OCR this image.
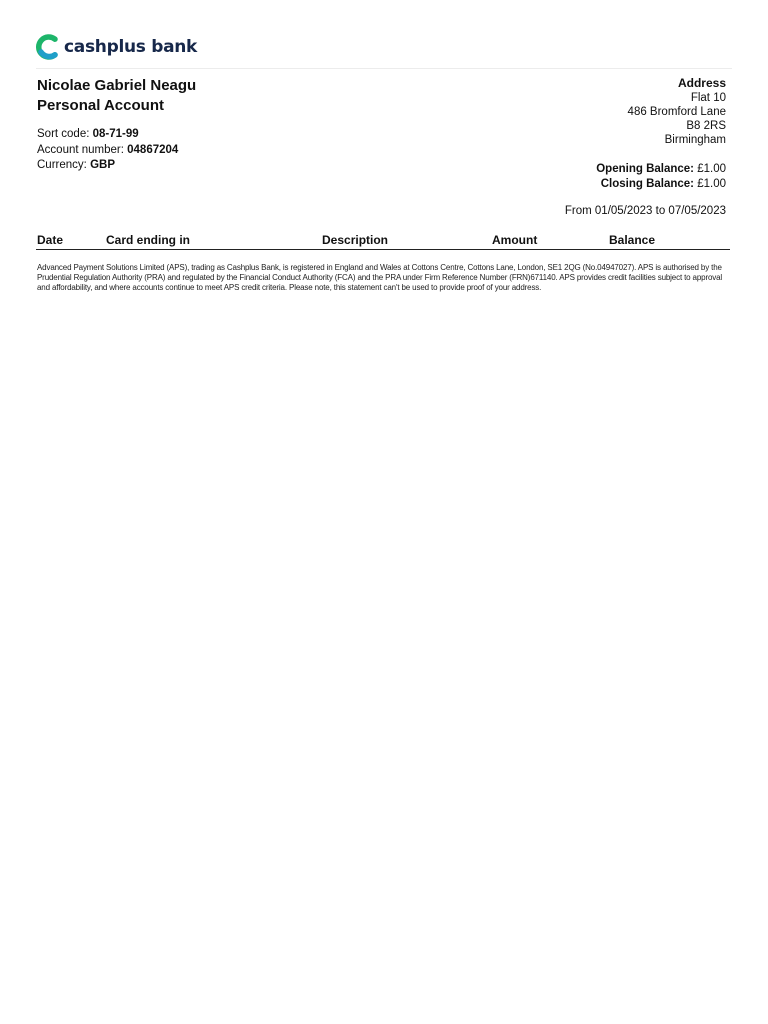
cashplus bank
Nicolae Gabriel Neagu
Personal Account
Sort code: 08-71-99
Account number: 04867204
Currency: GBP
Address
Flat 10
486 Bromford Lane
B8 2RS
Birmingham
Opening Balance: £1.00
Closing Balance: £1.00
From 01/05/2023 to 07/05/2023
Date	Card ending in	Description	Amount	Balance
Advanced Payment Solutions Limited (APS), trading as Cashplus Bank, is registered in England and Wales at Cottons Centre, Cottons Lane, London, SE1 2QG (No.04947027). APS is authorised by the Prudential Regulation Authority (PRA) and regulated by the Financial Conduct Authority (FCA) and the PRA under Firm Reference Number (FRN)671140. APS provides credit facilities subject to approval and affordability, and where accounts continue to meet APS credit criteria. Please note, this statement can't be used to provide proof of your address.
